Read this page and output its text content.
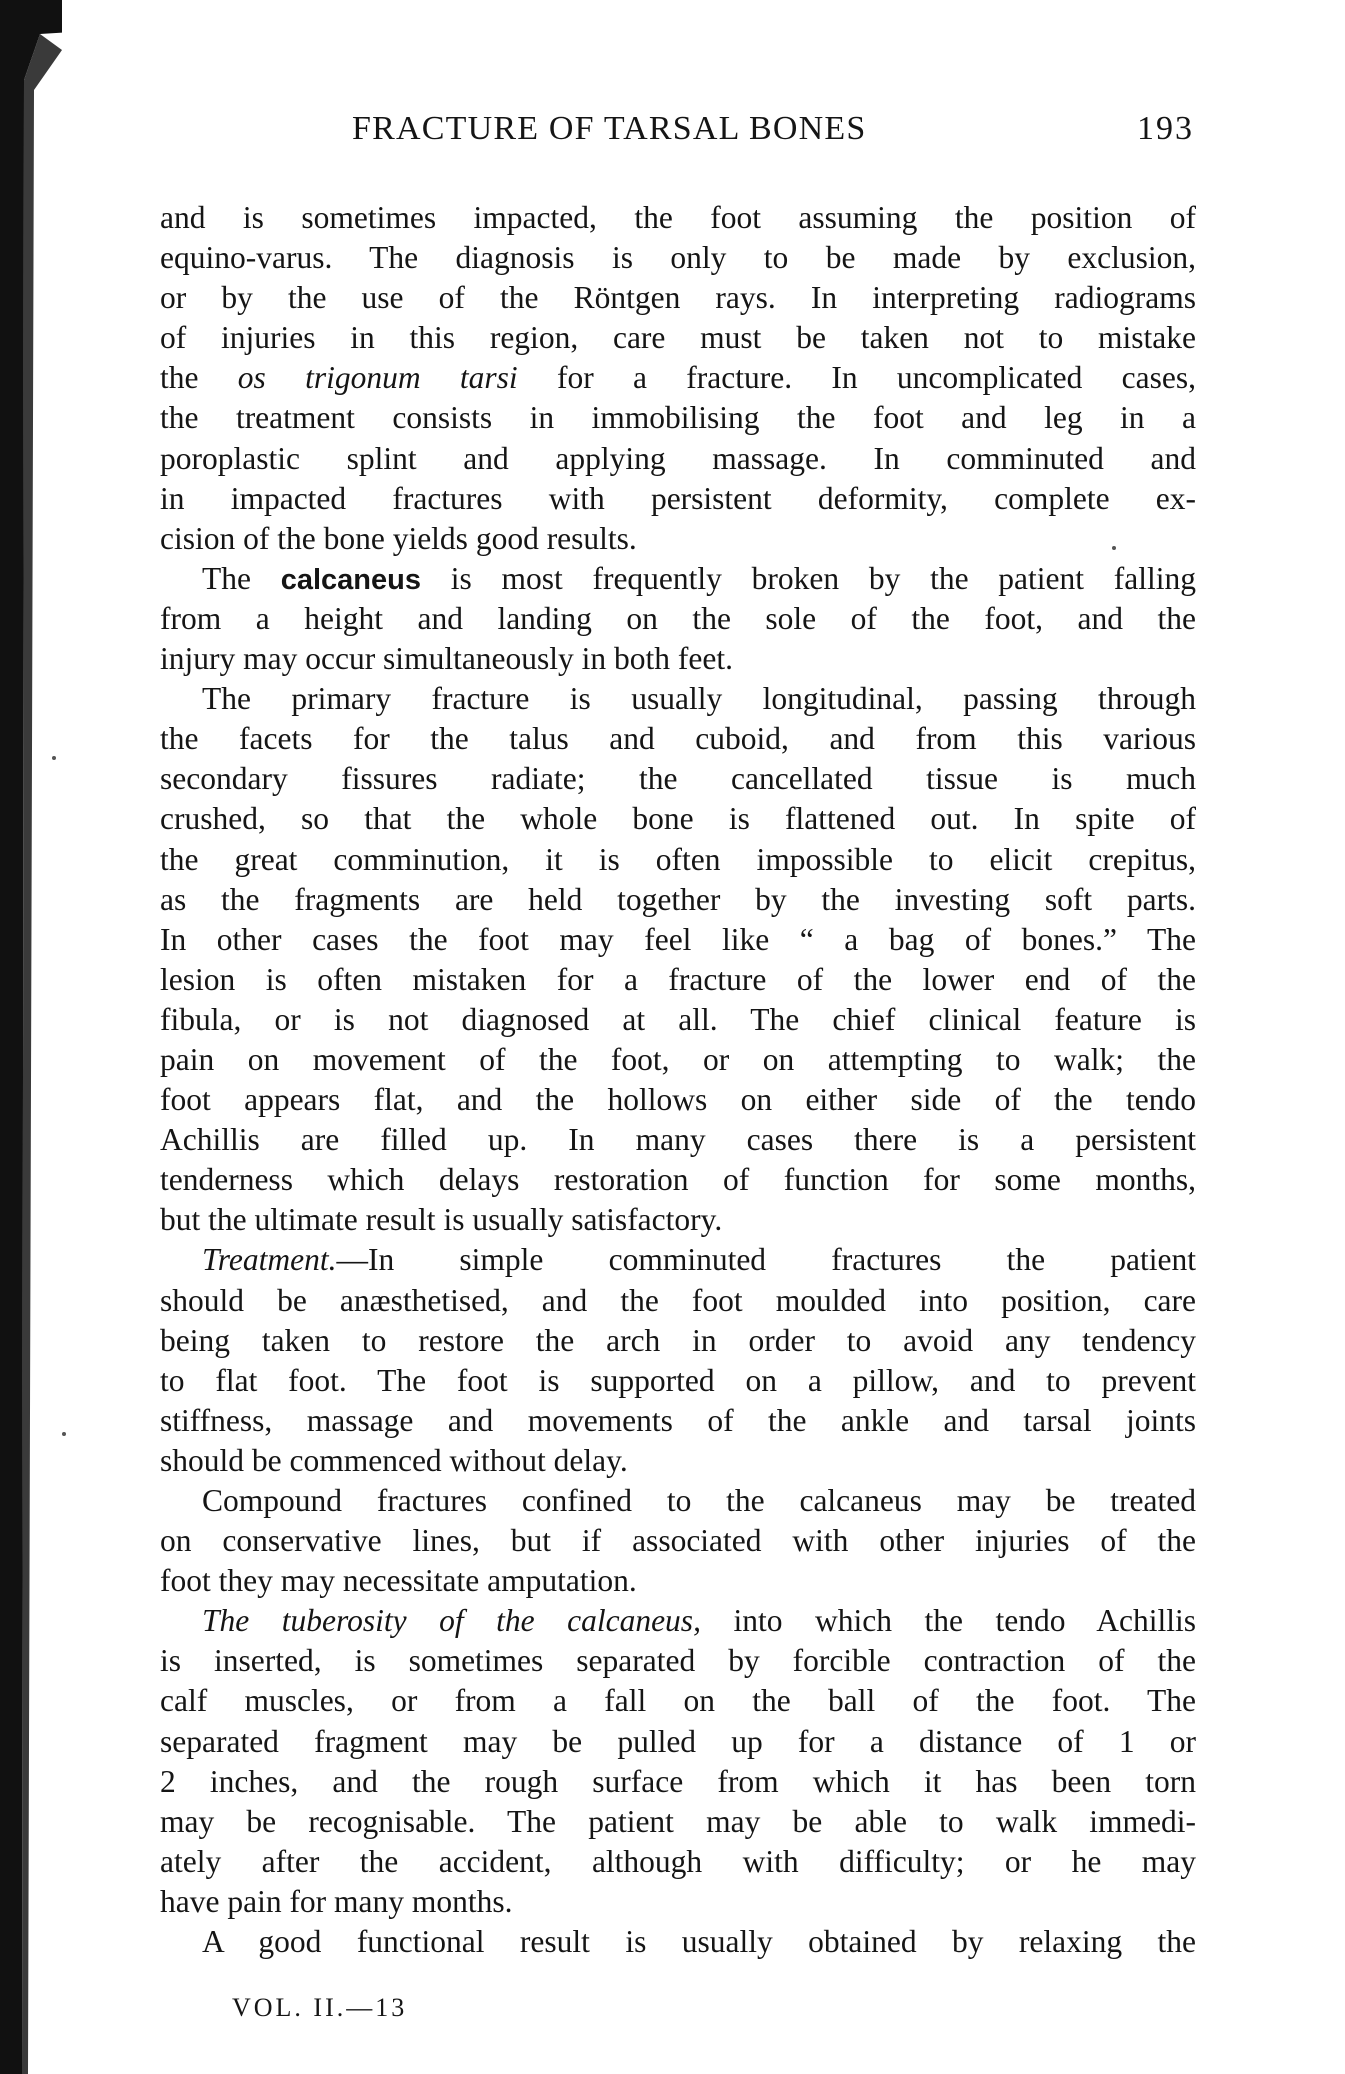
FRACTURE OF TARSAL BONES	193
and is sometimes impacted, the foot assuming the position of
equino-varus. The diagnosis is only to be made by exclusion,
or by the use of the Röntgen rays. In interpreting radiograms
of injuries in this region, care must be taken not to mistake
the os trigonum tarsi for a fracture. In uncomplicated cases,
the treatment consists in immobilising the foot and leg in a
poroplastic splint and applying massage. In comminuted and
in impacted fractures with persistent deformity, complete ex-
cision of the bone yields good results.
The calcaneus is most frequently broken by the patient falling
from a height and landing on the sole of the foot, and the
injury may occur simultaneously in both feet.
The primary fracture is usually longitudinal, passing through
the facets for the talus and cuboid, and from this various
secondary fissures radiate; the cancellated tissue is much
crushed, so that the whole bone is flattened out. In spite of
the great comminution, it is often impossible to elicit crepitus,
as the fragments are held together by the investing soft parts.
In other cases the foot may feel like “ a bag of bones.” The
lesion is often mistaken for a fracture of the lower end of the
fibula, or is not diagnosed at all. The chief clinical feature is
pain on movement of the foot, or on attempting to walk; the
foot appears flat, and the hollows on either side of the tendo
Achillis are filled up. In many cases there is a persistent
tenderness which delays restoration of function for some months,
but the ultimate result is usually satisfactory.
Treatment.—In simple comminuted fractures the patient
should be anæsthetised, and the foot moulded into position, care
being taken to restore the arch in order to avoid any tendency
to flat foot. The foot is supported on a pillow, and to prevent
stiffness, massage and movements of the ankle and tarsal joints
should be commenced without delay.
Compound fractures confined to the calcaneus may be treated
on conservative lines, but if associated with other injuries of the
foot they may necessitate amputation.
The tuberosity of the calcaneus, into which the tendo Achillis
is inserted, is sometimes separated by forcible contraction of the
calf muscles, or from a fall on the ball of the foot. The
separated fragment may be pulled up for a distance of 1 or
2 inches, and the rough surface from which it has been torn
may be recognisable. The patient may be able to walk immedi-
ately after the accident, although with difficulty; or he may
have pain for many months.
A good functional result is usually obtained by relaxing the
VOL. II.—13
